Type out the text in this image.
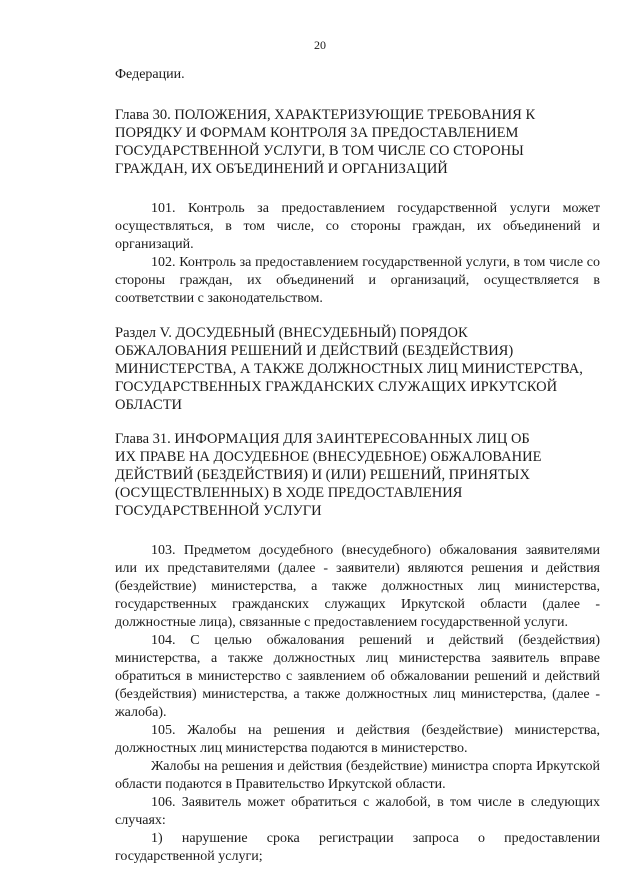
20

Федерации.

Глава 30. ПОЛОЖЕНИЯ, ХАРАКТЕРИЗУЮЩИЕ ТРЕБОВАНИЯ К

ПОРЯДКУ И ФОРМАМ КОНТРОЛЯ ЗА ПРЕДОСТАВЛЕНИЕМ

ГОСУДАРСТВЕННОЙ УСЛУГИ, В ТОМ ЧИСЛЕ СО СТОРОНЫ

ГРАЖДАН, ИХ ОБЪЕДИНЕНИЙ И ОРГАНИЗАЦИЙ

101. Контроль за предоставлением государственной услуги может осуществляться, в том числе, со стороны граждан, их объединений и организаций.

102. Контроль за предоставлением государственной услуги, в том числе со стороны граждан, их объединений и организаций, осуществляется в соответствии с законодательством.

Раздел V. ДОСУДЕБНЫЙ (ВНЕСУДЕБНЫЙ) ПОРЯДОК

ОБЖАЛОВАНИЯ РЕШЕНИЙ И ДЕЙСТВИЙ (БЕЗДЕЙСТВИЯ)

МИНИСТЕРСТВА, А ТАКЖЕ ДОЛЖНОСТНЫХ ЛИЦ МИНИСТЕРСТВА,

ГОСУДАРСТВЕННЫХ ГРАЖДАНСКИХ СЛУЖАЩИХ ИРКУТСКОЙ

ОБЛАСТИ

Глава 31. ИНФОРМАЦИЯ ДЛЯ ЗАИНТЕРЕСОВАННЫХ ЛИЦ ОБ

ИХ ПРАВЕ НА ДОСУДЕБНОЕ (ВНЕСУДЕБНОЕ) ОБЖАЛОВАНИЕ

ДЕЙСТВИЙ (БЕЗДЕЙСТВИЯ) И (ИЛИ) РЕШЕНИЙ, ПРИНЯТЫХ

(ОСУЩЕСТВЛЕННЫХ) В ХОДЕ ПРЕДОСТАВЛЕНИЯ

ГОСУДАРСТВЕННОЙ УСЛУГИ

103. Предметом досудебного (внесудебного) обжалования заявителями или их представителями (далее - заявители) являются решения и действия (бездействие) министерства, а также должностных лиц министерства, государственных гражданских служащих Иркутской области (далее - должностные лица), связанные с предоставлением государственной услуги.

104. С целью обжалования решений и действий (бездействия) министерства, а также должностных лиц министерства заявитель вправе обратиться в министерство с заявлением об обжаловании решений и действий (бездействия) министерства, а также должностных лиц министерства, (далее - жалоба).

105. Жалобы на решения и действия (бездействие) министерства, должностных лиц министерства подаются в министерство.

Жалобы на решения и действия (бездействие) министра спорта Иркутской области подаются в Правительство Иркутской области.

106. Заявитель может обратиться с жалобой, в том числе в следующих случаях:

1) нарушение срока регистрации запроса о предоставлении государственной услуги;
